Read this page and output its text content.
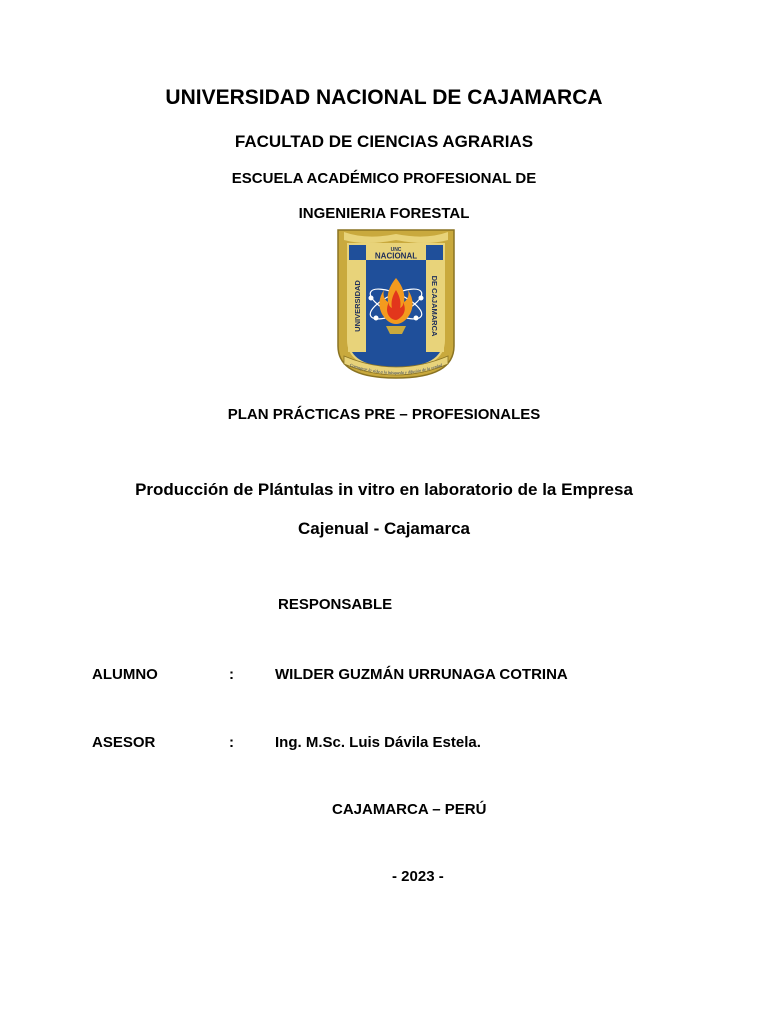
UNIVERSIDAD NACIONAL DE CAJAMARCA
FACULTAD DE CIENCIAS AGRARIAS
ESCUELA ACADÉMICO PROFESIONAL DE
INGENIERIA FORESTAL
UNC
NACIONAL
UNIVERSIDAD	DE CAJAMARCA
Consagrar la vida a la búsqueda y difusión de la verdad
PLAN PRÁCTICAS PRE – PROFESIONALES
Producción de Plántulas in vitro en laboratorio de la Empresa
Cajenual - Cajamarca
RESPONSABLE
ALUMNO	:	WILDER GUZMÁN URRUNAGA COTRINA
ASESOR	:	Ing. M.Sc. Luis Dávila Estela.
CAJAMARCA – PERÚ
- 2023 -
